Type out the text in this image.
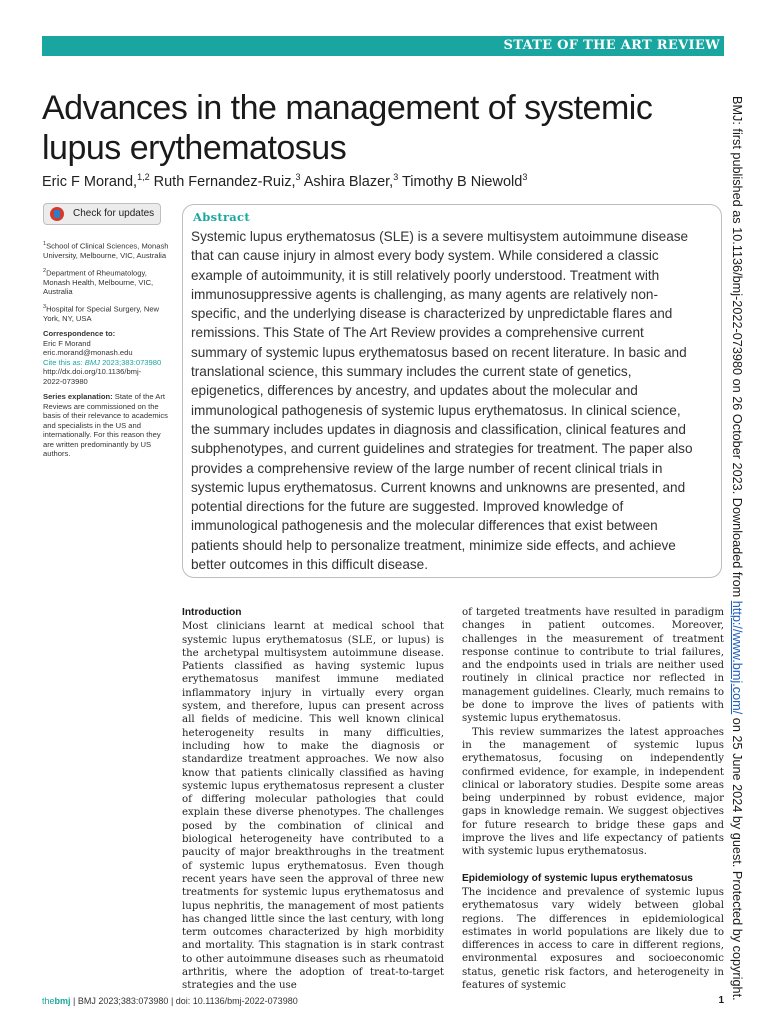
STATE OF THE ART REVIEW
Advances in the management of systemic lupus erythematosus
Eric F Morand,$^{1,2}$ Ruth Fernandez-Ruiz,$^3$ Ashira Blazer,$^3$ Timothy B Niewold$^3$
Check for updates

$^1$School of Clinical Sciences, Monash University, Melbourne, VIC, Australia

$^2$Department of Rheumatology, Monash Health, Melbourne, VIC, Australia

$^3$Hospital for Special Surgery, New York, NY, USA

Correspondence to:
Eric F Morand
eric.morand@monash.edu
Cite this as: BMJ 2023;383:073980
http://dx.doi.org/10.1136/bmj-
2022-073980

Series explanation: State of the Art Reviews are commissioned on the basis of their relevance to academics and specialists in the US and internationally. For this reason they are written predominantly by US authors.

Abstract
Systemic lupus erythematosus (SLE) is a severe multisystem autoimmune disease that can cause injury in almost every body system. While considered a classic example of autoimmunity, it is still relatively poorly understood. Treatment with immunosuppressive agents is challenging, as many agents are relatively non-specific, and the underlying disease is characterized by unpredictable flares and remissions. This State of The Art Review provides a comprehensive current summary of systemic lupus erythematosus based on recent literature. In basic and translational science, this summary includes the current state of genetics, epigenetics, differences by ancestry, and updates about the molecular and immunological pathogenesis of systemic lupus erythematosus. In clinical science, the summary includes updates in diagnosis and classification, clinical features and subphenotypes, and current guidelines and strategies for treatment. The paper also provides a comprehensive review of the large number of recent clinical trials in systemic lupus erythematosus. Current knowns and unknowns are presented, and potential directions for the future are suggested. Improved knowledge of immunological pathogenesis and the molecular differences that exist between patients should help to personalize treatment, minimize side effects, and achieve better outcomes in this difficult disease.
Introduction

Most clinicians learnt at medical school that systemic lupus erythematosus (SLE, or lupus) is the archetypal multisystem autoimmune disease. Patients classified as having systemic lupus erythematosus manifest immune mediated inflammatory injury in virtually every organ system, and therefore, lupus can present across all fields of medicine. This well known clinical heterogeneity results in many difficulties, including how to make the diagnosis or standardize treatment approaches. We now also know that patients clinically classified as having systemic lupus erythematosus represent a cluster of differing molecular pathologies that could explain these diverse phenotypes. The challenges posed by the combination of clinical and biological heterogeneity have contributed to a paucity of major breakthroughs in the treatment of systemic lupus erythematosus. Even though recent years have seen the approval of three new treatments for systemic lupus erythematosus and lupus nephritis, the management of most patients has changed little since the last century, with long term outcomes characterized by high morbidity and mortality. This stagnation is in stark contrast to other autoimmune diseases such as rheumatoid arthritis, where the adoption of treat-to-target strategies and the use

of targeted treatments have resulted in paradigm changes in patient outcomes. Moreover, challenges in the measurement of treatment response continue to contribute to trial failures, and the endpoints used in trials are neither used routinely in clinical practice nor reflected in management guidelines. Clearly, much remains to be done to improve the lives of patients with systemic lupus erythematosus.

This review summarizes the latest approaches in the management of systemic lupus erythematosus, focusing on independently confirmed evidence, for example, in independent clinical or laboratory studies. Despite some areas being underpinned by robust evidence, major gaps in knowledge remain. We suggest objectives for future research to bridge these gaps and improve the lives and life expectancy of patients with systemic lupus erythematosus.

Epidemiology of systemic lupus erythematosus

The incidence and prevalence of systemic lupus erythematosus vary widely between global regions. The differences in epidemiological estimates in world populations are likely due to differences in access to care in different regions, environmental exposures and socioeconomic status, genetic risk factors, and heterogeneity in features of systemic

BMJ: first published as 10.1136/bmj-2022-073980 on 26 October 2023. Downloaded from http://www.bmj.com/ on 25 June 2024 by guest. Protected by copyright.
thebmj | BMJ 2023;383:073980 | doi: 10.1136/bmj-2022-073980	1
